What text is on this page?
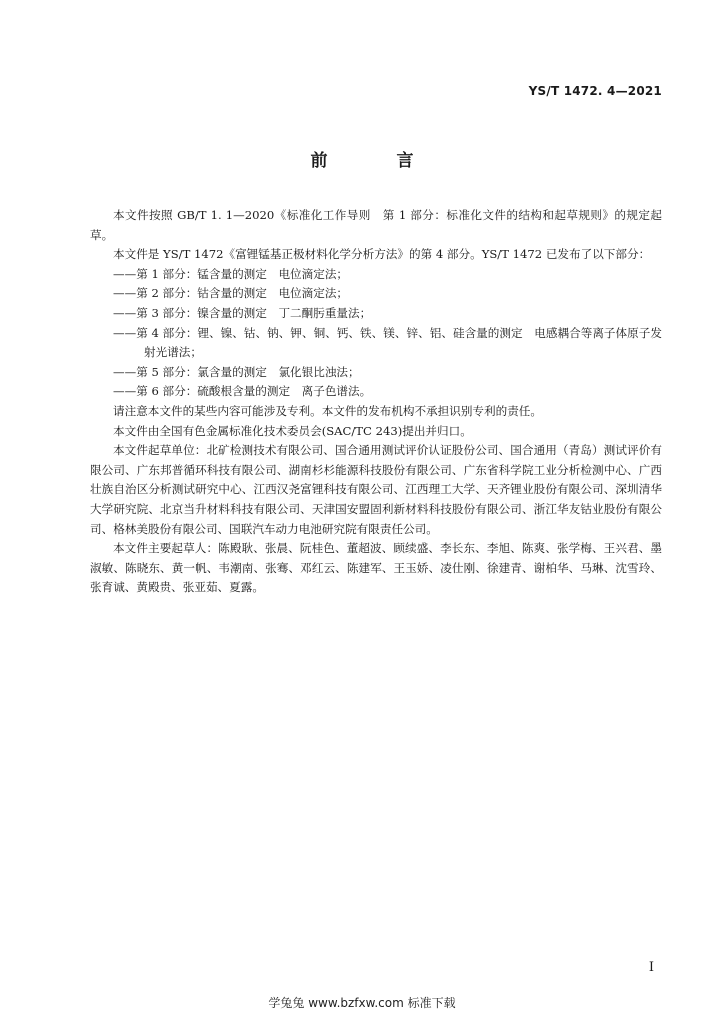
YS/T 1472. 4—2021
前　言

本文件按照 GB/T 1. 1—2020《标准化工作导则　第 1 部分：标准化文件的结构和起草规则》的规定起草。

本文件是 YS/T 1472《富锂锰基正极材料化学分析方法》的第 4 部分。YS/T 1472 已发布了以下部分：

——第 1 部分：锰含量的测定　电位滴定法；

——第 2 部分：钴含量的测定　电位滴定法；

——第 3 部分：镍含量的测定　丁二酮肟重量法；

——第 4 部分：锂、镍、钴、钠、钾、铜、钙、铁、镁、锌、铝、硅含量的测定　电感耦合等离子体原子发射光谱法；

——第 5 部分：氯含量的测定　氯化银比浊法；

——第 6 部分：硫酸根含量的测定　离子色谱法。

请注意本文件的某些内容可能涉及专利。本文件的发布机构不承担识别专利的责任。

本文件由全国有色金属标准化技术委员会(SAC/TC 243)提出并归口。

本文件起草单位：北矿检测技术有限公司、国合通用测试评价认证股份公司、国合通用（青岛）测试评价有限公司、广东邦普循环科技有限公司、湖南杉杉能源科技股份有限公司、广东省科学院工业分析检测中心、广西壮族自治区分析测试研究中心、江西汉尧富锂科技有限公司、江西理工大学、天齐锂业股份有限公司、深圳清华大学研究院、北京当升材料科技有限公司、天津国安盟固利新材料科技股份有限公司、浙江华友钴业股份有限公司、格林美股份有限公司、国联汽车动力电池研究院有限责任公司。

本文件主要起草人：陈殿耿、张晨、阮桂色、董超波、顾续盛、李长东、李旭、陈爽、张学梅、王兴君、墨淑敏、陈晓东、黄一帆、韦潮南、张骞、邓红云、陈建军、王玉娇、凌仕刚、徐建青、谢柏华、马琳、沈雪玲、张育诚、黄殿贵、张亚茹、夏露。

I
学兔兔 www.bzfxw.com 标准下载
